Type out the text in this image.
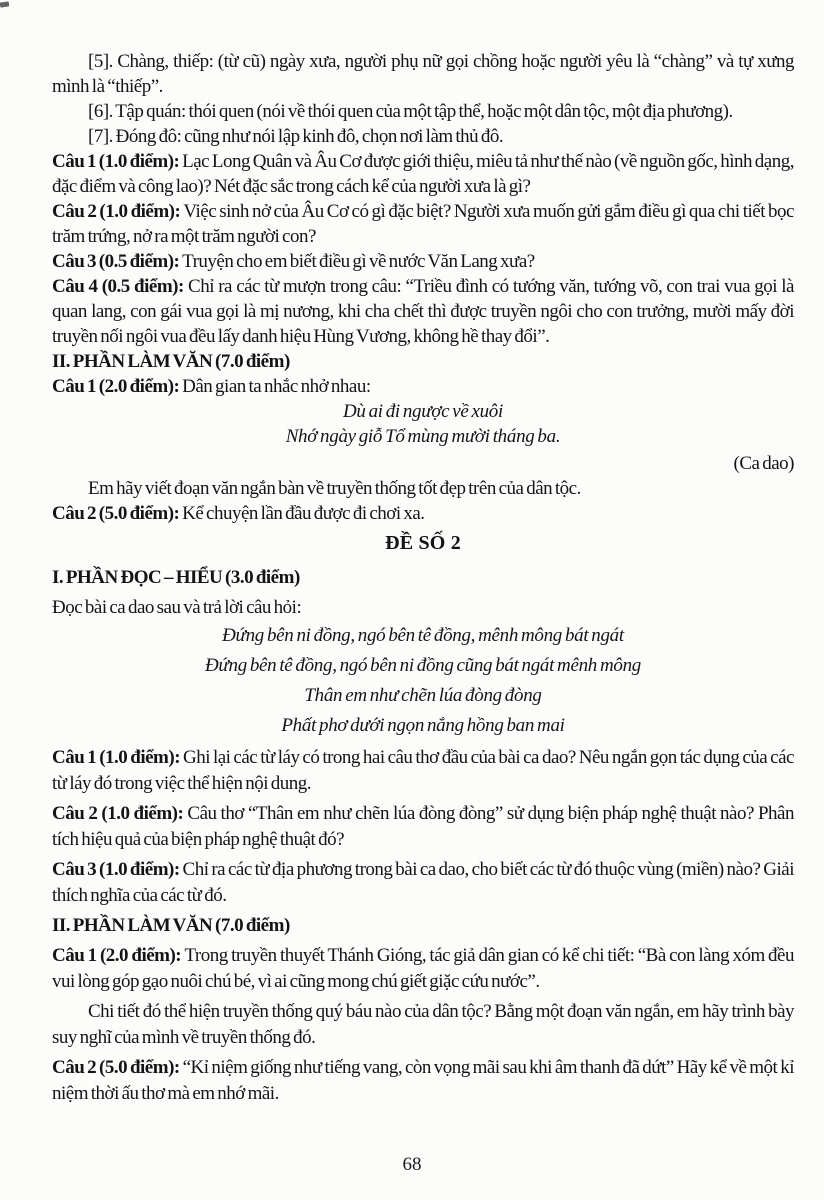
[5]. Chàng, thiếp: (từ cũ) ngày xưa, người phụ nữ gọi chồng hoặc người yêu là “chàng” và tự xưng mình là “thiếp”.

[6]. Tập quán: thói quen (nói về thói quen của một tập thể, hoặc một dân tộc, một địa phương).

[7]. Đóng đô: cũng như nói lập kinh đô, chọn nơi làm thủ đô.

Câu 1 (1.0 điểm): Lạc Long Quân và Âu Cơ được giới thiệu, miêu tả như thế nào (về nguồn gốc, hình dạng, đặc điểm và công lao)? Nét đặc sắc trong cách kể của người xưa là gì?

Câu 2 (1.0 điểm): Việc sinh nở của Âu Cơ có gì đặc biệt? Người xưa muốn gửi gắm điều gì qua chi tiết bọc trăm trứng, nở ra một trăm người con?

Câu 3 (0.5 điểm): Truyện cho em biết điều gì về nước Văn Lang xưa?

Câu 4 (0.5 điểm): Chỉ ra các từ mượn trong câu: “Triều đình có tướng văn, tướng võ, con trai vua gọi là quan lang, con gái vua gọi là mị nương, khi cha chết thì được truyền ngôi cho con trưởng, mười mấy đời truyền nối ngôi vua đều lấy danh hiệu Hùng Vương, không hề thay đổi”.

II. PHẦN LÀM VĂN (7.0 điểm)

Câu 1 (2.0 điểm): Dân gian ta nhắc nhở nhau:

Dù ai đi ngược về xuôi

Nhớ ngày giỗ Tổ mùng mười tháng ba.

(Ca dao)

Em hãy viết đoạn văn ngắn bàn về truyền thống tốt đẹp trên của dân tộc.

Câu 2 (5.0 điểm): Kể chuyện lần đầu được đi chơi xa.

ĐỀ SỐ 2

I. PHẦN ĐỌC – HIỂU (3.0 điểm)

Đọc bài ca dao sau và trả lời câu hỏi:

Đứng bên ni đồng, ngó bên tê đồng, mênh mông bát ngát

Đứng bên tê đồng, ngó bên ni đồng cũng bát ngát mênh mông

Thân em như chẽn lúa đòng đòng

Phất phơ dưới ngọn nắng hồng ban mai

Câu 1 (1.0 điểm): Ghi lại các từ láy có trong hai câu thơ đầu của bài ca dao? Nêu ngắn gọn tác dụng của các từ láy đó trong việc thể hiện nội dung.

Câu 2 (1.0 điểm): Câu thơ “Thân em như chẽn lúa đòng đòng” sử dụng biện pháp nghệ thuật nào? Phân tích hiệu quả của biện pháp nghệ thuật đó?

Câu 3 (1.0 điểm): Chỉ ra các từ địa phương trong bài ca dao, cho biết các từ đó thuộc vùng (miền) nào? Giải thích nghĩa của các từ đó.

II. PHẦN LÀM VĂN (7.0 điểm)

Câu 1 (2.0 điểm): Trong truyền thuyết Thánh Gióng, tác giả dân gian có kể chi tiết: “Bà con làng xóm đều vui lòng góp gạo nuôi chú bé, vì ai cũng mong chú giết giặc cứu nước”.

Chi tiết đó thể hiện truyền thống quý báu nào của dân tộc? Bằng một đoạn văn ngắn, em hãy trình bày suy nghĩ của mình về truyền thống đó.

Câu 2 (5.0 điểm): “Kỉ niệm giống như tiếng vang, còn vọng mãi sau khi âm thanh đã dứt” Hãy kể về một kỉ niệm thời ấu thơ mà em nhớ mãi.

68
